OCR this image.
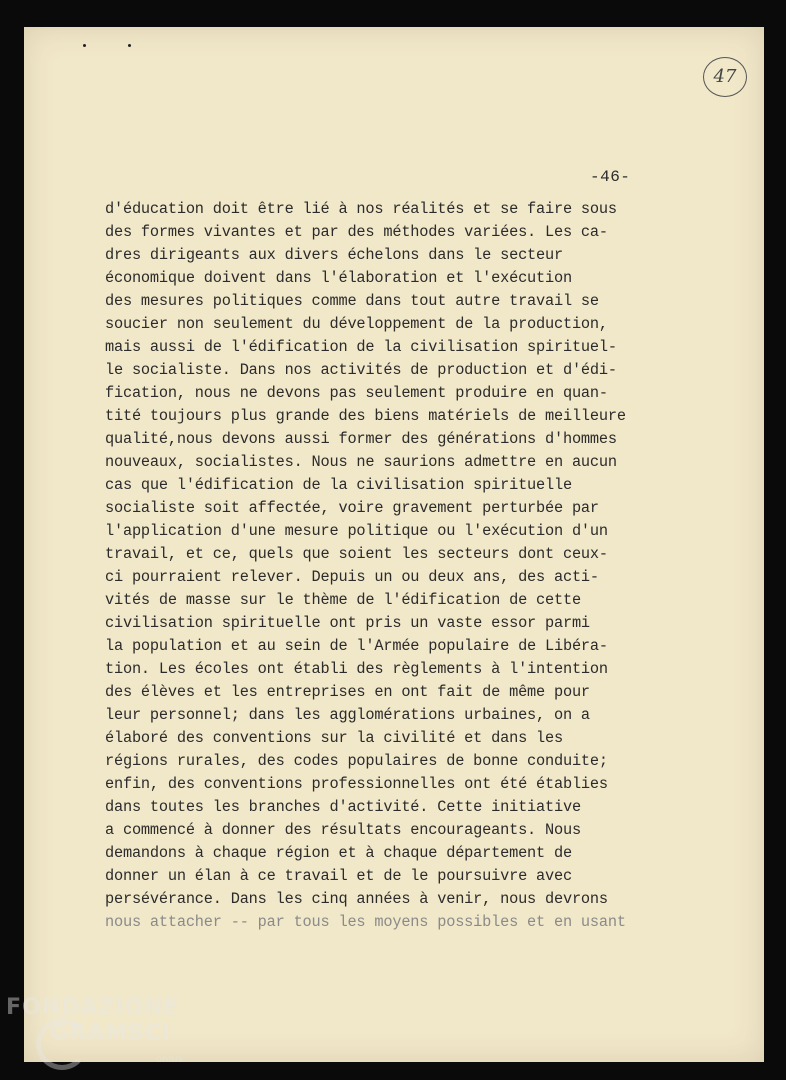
47
-46-
d'éducation doit être lié à nos réalités et se faire sous
des formes vivantes et par des méthodes variées. Les ca-
dres dirigeants aux divers échelons dans le secteur
économique doivent dans l'élaboration et l'exécution
des mesures politiques comme dans tout autre travail se
soucier non seulement du développement de la production,
mais aussi de l'édification de la civilisation spirituel-
le socialiste. Dans nos activités de production et d'édi-
fication, nous ne devons pas seulement produire en quan-
tité toujours plus grande des biens matériels de meilleure
qualité,nous devons aussi former des générations d'hommes
nouveaux, socialistes. Nous ne saurions admettre en aucun
cas que l'édification de la civilisation spirituelle
socialiste soit affectée, voire gravement perturbée par
l'application d'une mesure politique ou l'exécution d'un
travail, et ce, quels que soient les secteurs dont ceux-
ci pourraient relever. Depuis un ou deux ans, des acti-
vités de masse sur le thème de l'édification de cette
civilisation spirituelle ont pris un vaste essor parmi
la population et au sein de l'Armée populaire de Libéra-
tion. Les écoles ont établi des règlements à l'intention
des élèves et les entreprises en ont fait de même pour
leur personnel; dans les agglomérations urbaines, on a
élaboré des conventions sur la civilité et dans les
régions rurales, des codes populaires de bonne conduite;
enfin, des conventions professionnelles ont été établies
dans toutes les branches d'activité. Cette initiative
a commencé à donner des résultats encourageants. Nous
demandons à chaque région et à chaque département de
donner un élan à ce travail et de le poursuivre avec
persévérance. Dans les cinq années à venir, nous devrons
nous attacher -- par tous les moyens possibles et en usant
FONDAZIONE
GRAMSCI
onlus
